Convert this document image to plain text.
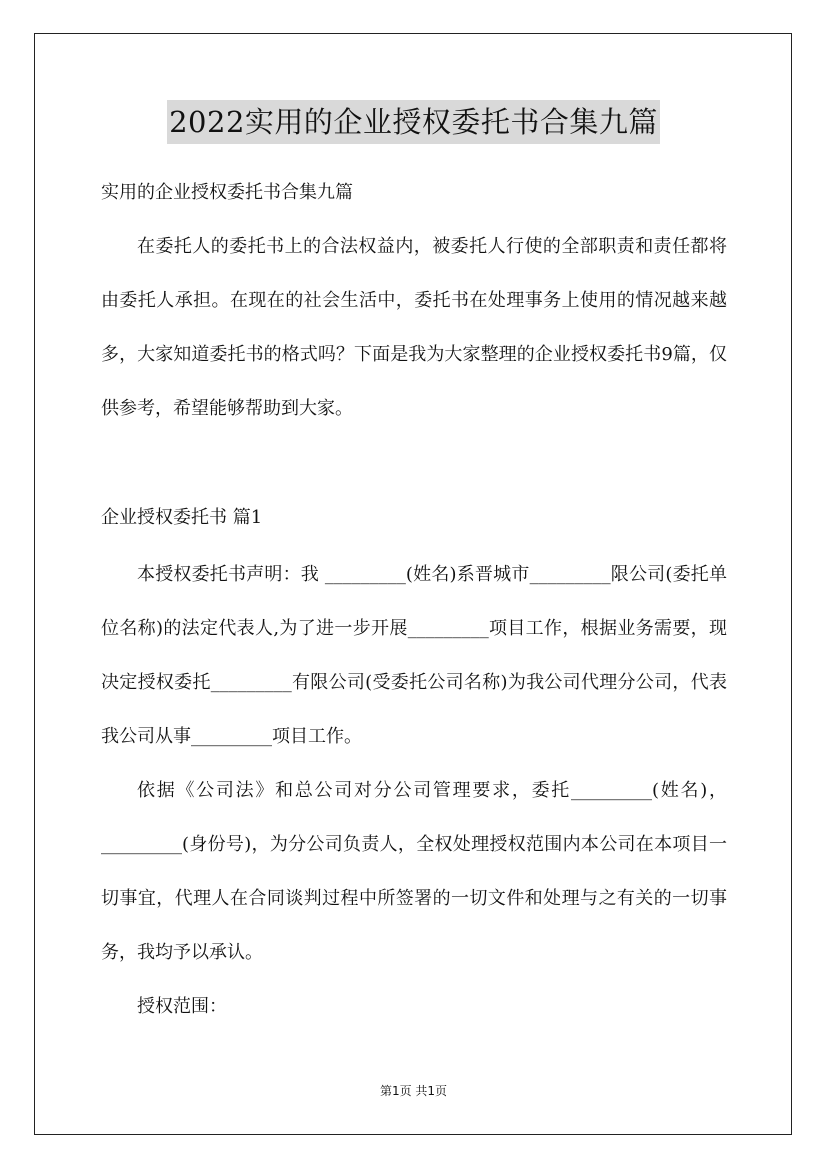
2022实用的企业授权委托书合集九篇
实用的企业授权委托书合集九篇

在委托人的委托书上的合法权益内，被委托人行使的全部职责和责任都将由委托人承担。在现在的社会生活中，委托书在处理事务上使用的情况越来越多，大家知道委托书的格式吗？下面是我为大家整理的企业授权委托书9篇，仅供参考，希望能够帮助到大家。

企业授权委托书 篇1

本授权委托书声明：我 _________(姓名)系晋城市_________限公司(委托单位名称)的法定代表人,为了进一步开展_________项目工作，根据业务需要，现决定授权委托_________有限公司(受委托公司名称)为我公司代理分公司，代表我公司从事_________项目工作。

依据《公司法》和总公司对分公司管理要求，委托_________(姓名)，_________(身份号)，为分公司负责人，全权处理授权范围内本公司在本项目一切事宜，代理人在合同谈判过程中所签署的一切文件和处理与之有关的一切事务，我均予以承认。

授权范围：

第1页 共1页
